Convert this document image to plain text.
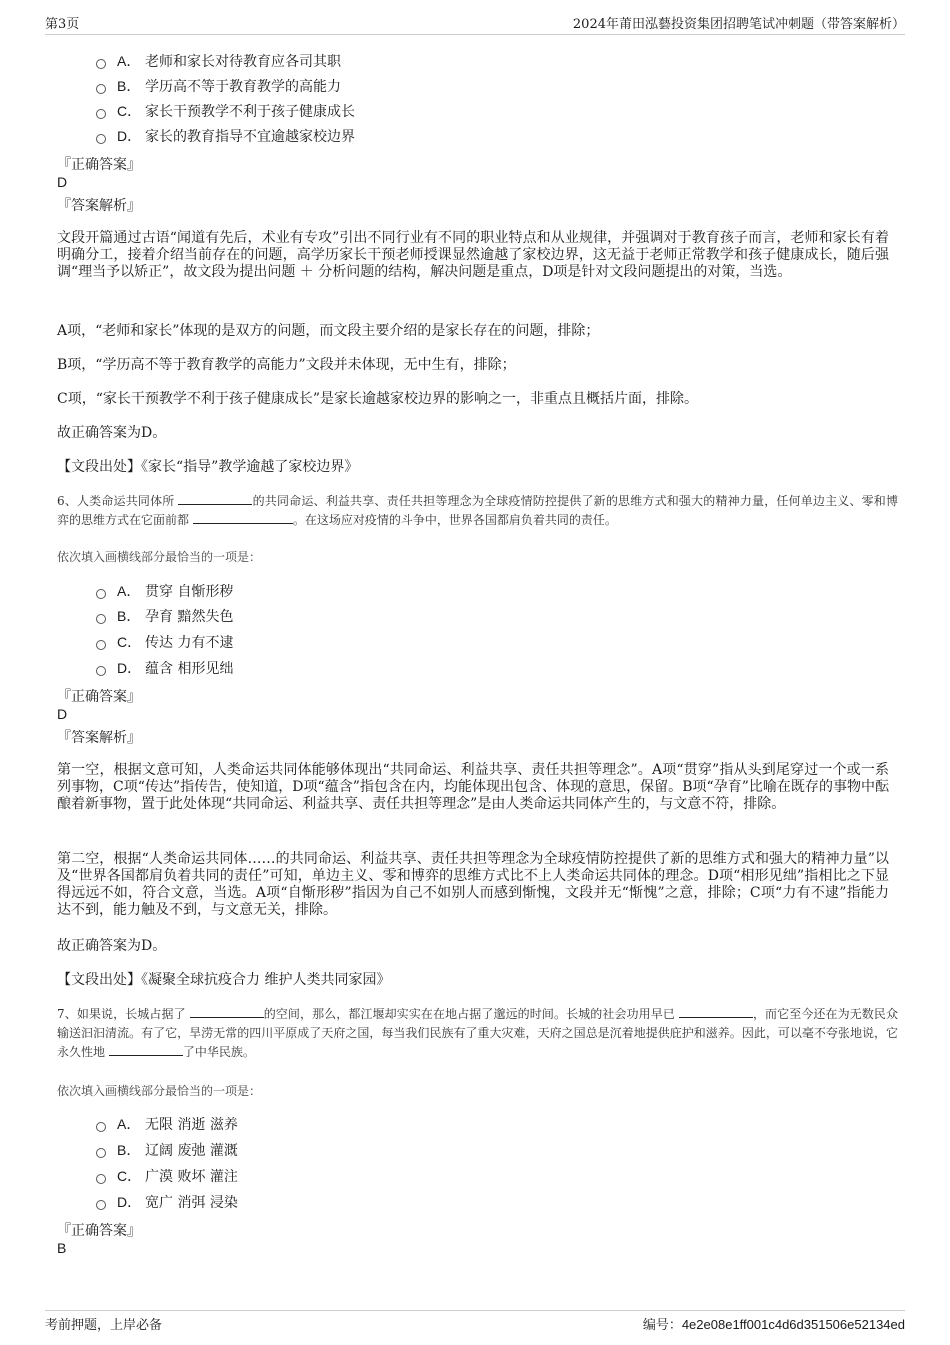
第3页	2024年莆田泓藝投资集团招聘笔试冲刺题（带答案解析）
A． 老师和家长对待教育应各司其职
B． 学历高不等于教育教学的高能力
C． 家长干预教学不利于孩子健康成长
D． 家长的教育指导不宜逾越家校边界
『正确答案』
D
『答案解析』

文段开篇通过古语“闻道有先后，术业有专攻”引出不同行业有不同的职业特点和从业规律，并强调对于教育孩子而言，老师和家长有着明确分工，接着介绍当前存在的问题，高学历家长干预老师授课显然逾越了家校边界，这无益于老师正常教学和孩子健康成长，随后强调“理当予以矫正”，故文段为提出问题 ＋ 分析问题的结构，解决问题是重点，D项是针对文段问题提出的对策，当选。

A项，“老师和家长”体现的是双方的问题，而文段主要介绍的是家长存在的问题，排除；

B项，“学历高不等于教育教学的高能力”文段并未体现，无中生有，排除；

C项，“家长干预教学不利于孩子健康成长”是家长逾越家校边界的影响之一，非重点且概括片面，排除。

故正确答案为D。

【文段出处】《家长“指导”教学逾越了家校边界》

6、人类命运共同体所	的共同命运、利益共享、责任共担等理念为全球疫情防控提供了新的思维方式和强大的精神力量，任何单边主义、零和博弈的思维方式在它面前都	。在这场应对疫情的斗争中，世界各国都肩负着共同的责任。

依次填入画横线部分最恰当的一项是：
A． 贯穿 自惭形秽
B． 孕育 黯然失色
C． 传达 力有不逮
D． 蕴含 相形见绌
『正确答案』
D
『答案解析』

第一空，根据文意可知，人类命运共同体能够体现出“共同命运、利益共享、责任共担等理念”。A项“贯穿”指从头到尾穿过一个或一系列事物，C项“传达”指传告，使知道，D项“蕴含”指包含在内，均能体现出包含、体现的意思，保留。B项“孕育”比喻在既存的事物中酝酿着新事物，置于此处体现“共同命运、利益共享、责任共担等理念”是由人类命运共同体产生的，与文意不符，排除。

第二空，根据“人类命运共同体……的共同命运、利益共享、责任共担等理念为全球疫情防控提供了新的思维方式和强大的精神力量”以及“世界各国都肩负着共同的责任”可知，单边主义、零和博弈的思维方式比不上人类命运共同体的理念。D项“相形见绌”指相比之下显得远远不如，符合文意，当选。A项“自惭形秽”指因为自己不如别人而感到惭愧，文段并无“惭愧”之意，排除；C项“力有不逮”指能力达不到，能力触及不到，与文意无关，排除。

故正确答案为D。

【文段出处】《凝聚全球抗疫合力 维护人类共同家园》

7、如果说，长城占据了	的空间，那么，都江堰却实实在在地占据了邈远的时间。长城的社会功用早已	，而它至今还在为无数民众输送汩汩清流。有了它，旱涝无常的四川平原成了天府之国，每当我们民族有了重大灾难，天府之国总是沉着地提供庇护和滋养。因此，可以毫不夸张地说，它永久性地	了中华民族。

依次填入画横线部分最恰当的一项是：
A． 无限 消逝 滋养
B． 辽阔 废弛 灌溉
C． 广漠 败坏 灌注
D． 宽广 消弭 浸染
『正确答案』
B
考前押题，上岸必备	编号：4e2e08e1ff001c4d6d351506e52134ed
